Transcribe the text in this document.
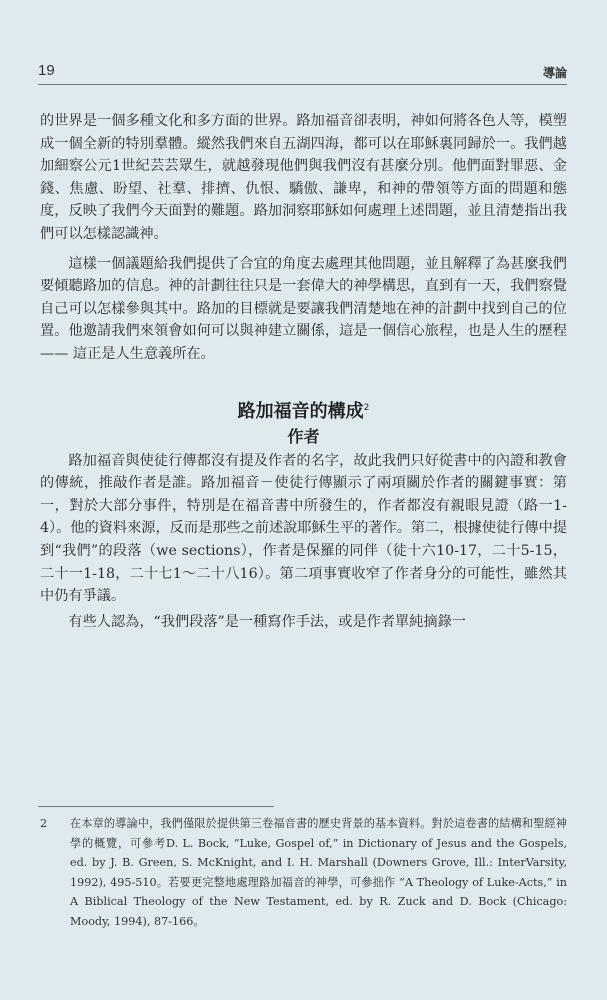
19	導論

的世界是一個多種文化和多方面的世界。路加福音卻表明，神如何將各色人等，模塑成一個全新的特別羣體。縱然我們來自五湖四海，都可以在耶穌裏同歸於一。我們越加細察公元1世紀芸芸眾生，就越發現他們與我們沒有甚麼分別。他們面對罪惡、金錢、焦慮、盼望、社羣、排擠、仇恨、驕傲、謙卑，和神的帶領等方面的問題和態度，反映了我們今天面對的難題。路加洞察耶穌如何處理上述問題，並且清楚指出我們可以怎樣認識神。

這樣一個議題給我們提供了合宜的角度去處理其他問題，並且解釋了為甚麼我們要傾聽路加的信息。神的計劃往往只是一套偉大的神學構思，直到有一天，我們察覺自己可以怎樣參與其中。路加的目標就是要讓我們清楚地在神的計劃中找到自己的位置。他邀請我們來領會如何可以與神建立關係，這是一個信心旅程，也是人生的歷程 —— 這正是人生意義所在。

路加福音的構成$^2$
作者

路加福音與使徒行傳都沒有提及作者的名字，故此我們只好從書中的內證和教會的傳統，推敲作者是誰。路加福音－使徒行傳顯示了兩項關於作者的關鍵事實：第一，對於大部分事件，特別是在福音書中所發生的，作者都沒有親眼見證（路一1-4）。他的資料來源，反而是那些之前述說耶穌生平的著作。第二，根據使徒行傳中提到“我們”的段落（we sections），作者是保羅的同伴（徒十六10-17，二十5-15，二十一1-18，二十七1～二十八16）。第二項事實收窄了作者身分的可能性，雖然其中仍有爭議。

有些人認為，“我們段落”是一種寫作手法，或是作者單純摘錄一

2 在本章的導論中，我們僅限於提供第三卷福音書的歷史背景的基本資料。對於這卷書的結構和聖經神學的概覽，可參考D. L. Bock, “Luke, Gospel of,” in Dictionary of Jesus and the Gospels, ed. by J. B. Green, S. McKnight, and I. H. Marshall (Downers Grove, Ill.: InterVarsity, 1992), 495-510。若要更完整地處理路加福音的神學，可參拙作 “A Theology of Luke-Acts,” in A Biblical Theology of the New Testament, ed. by R. Zuck and D. Bock (Chicago: Moody, 1994), 87-166。
